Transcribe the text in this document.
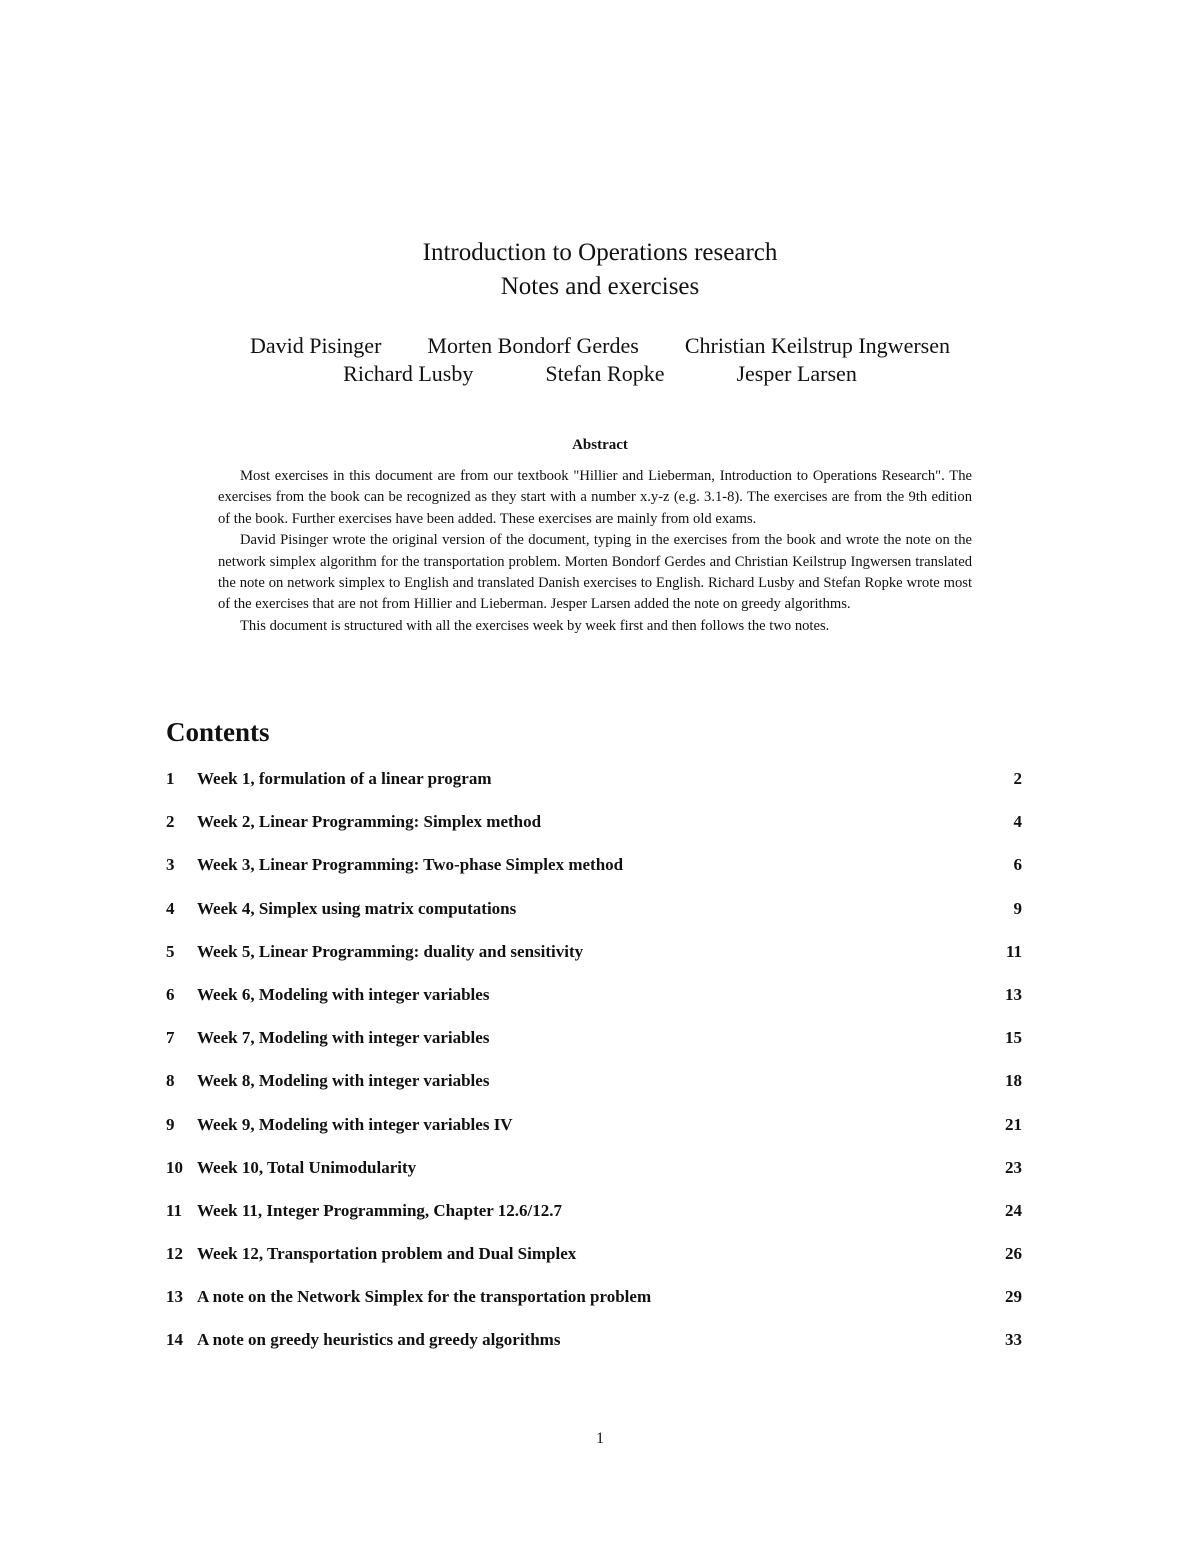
Introduction to Operations research
Notes and exercises
David Pisinger Morten Bondorf Gerdes Christian Keilstrup Ingwersen
Richard Lusby	Stefan Ropke	Jesper Larsen
Abstract

Most exercises in this document are from our textbook "Hillier and Lieberman, Introduction to Operations Research". The exercises from the book can be recognized as they start with a number x.y-z (e.g. 3.1-8). The exercises are from the 9th edition of the book. Further exercises have been added. These exercises are mainly from old exams.

David Pisinger wrote the original version of the document, typing in the exercises from the book and wrote the note on the network simplex algorithm for the transportation problem. Morten Bondorf Gerdes and Christian Keilstrup Ingwersen translated the note on network simplex to English and translated Danish exercises to English. Richard Lusby and Stefan Ropke wrote most of the exercises that are not from Hillier and Lieberman. Jesper Larsen added the note on greedy algorithms.

This document is structured with all the exercises week by week first and then follows the two notes.

Contents
1 Week 1, formulation of a linear program	2
2 Week 2, Linear Programming: Simplex method	4
3 Week 3, Linear Programming: Two-phase Simplex method	6
4 Week 4, Simplex using matrix computations	9
5 Week 5, Linear Programming: duality and sensitivity	11
6 Week 6, Modeling with integer variables	13
7 Week 7, Modeling with integer variables	15
8 Week 8, Modeling with integer variables	18
9 Week 9, Modeling with integer variables IV	21
10 Week 10, Total Unimodularity	23
11 Week 11, Integer Programming, Chapter 12.6/12.7	24
12 Week 12, Transportation problem and Dual Simplex	26
13 A note on the Network Simplex for the transportation problem	29
14 A note on greedy heuristics and greedy algorithms	33
1
